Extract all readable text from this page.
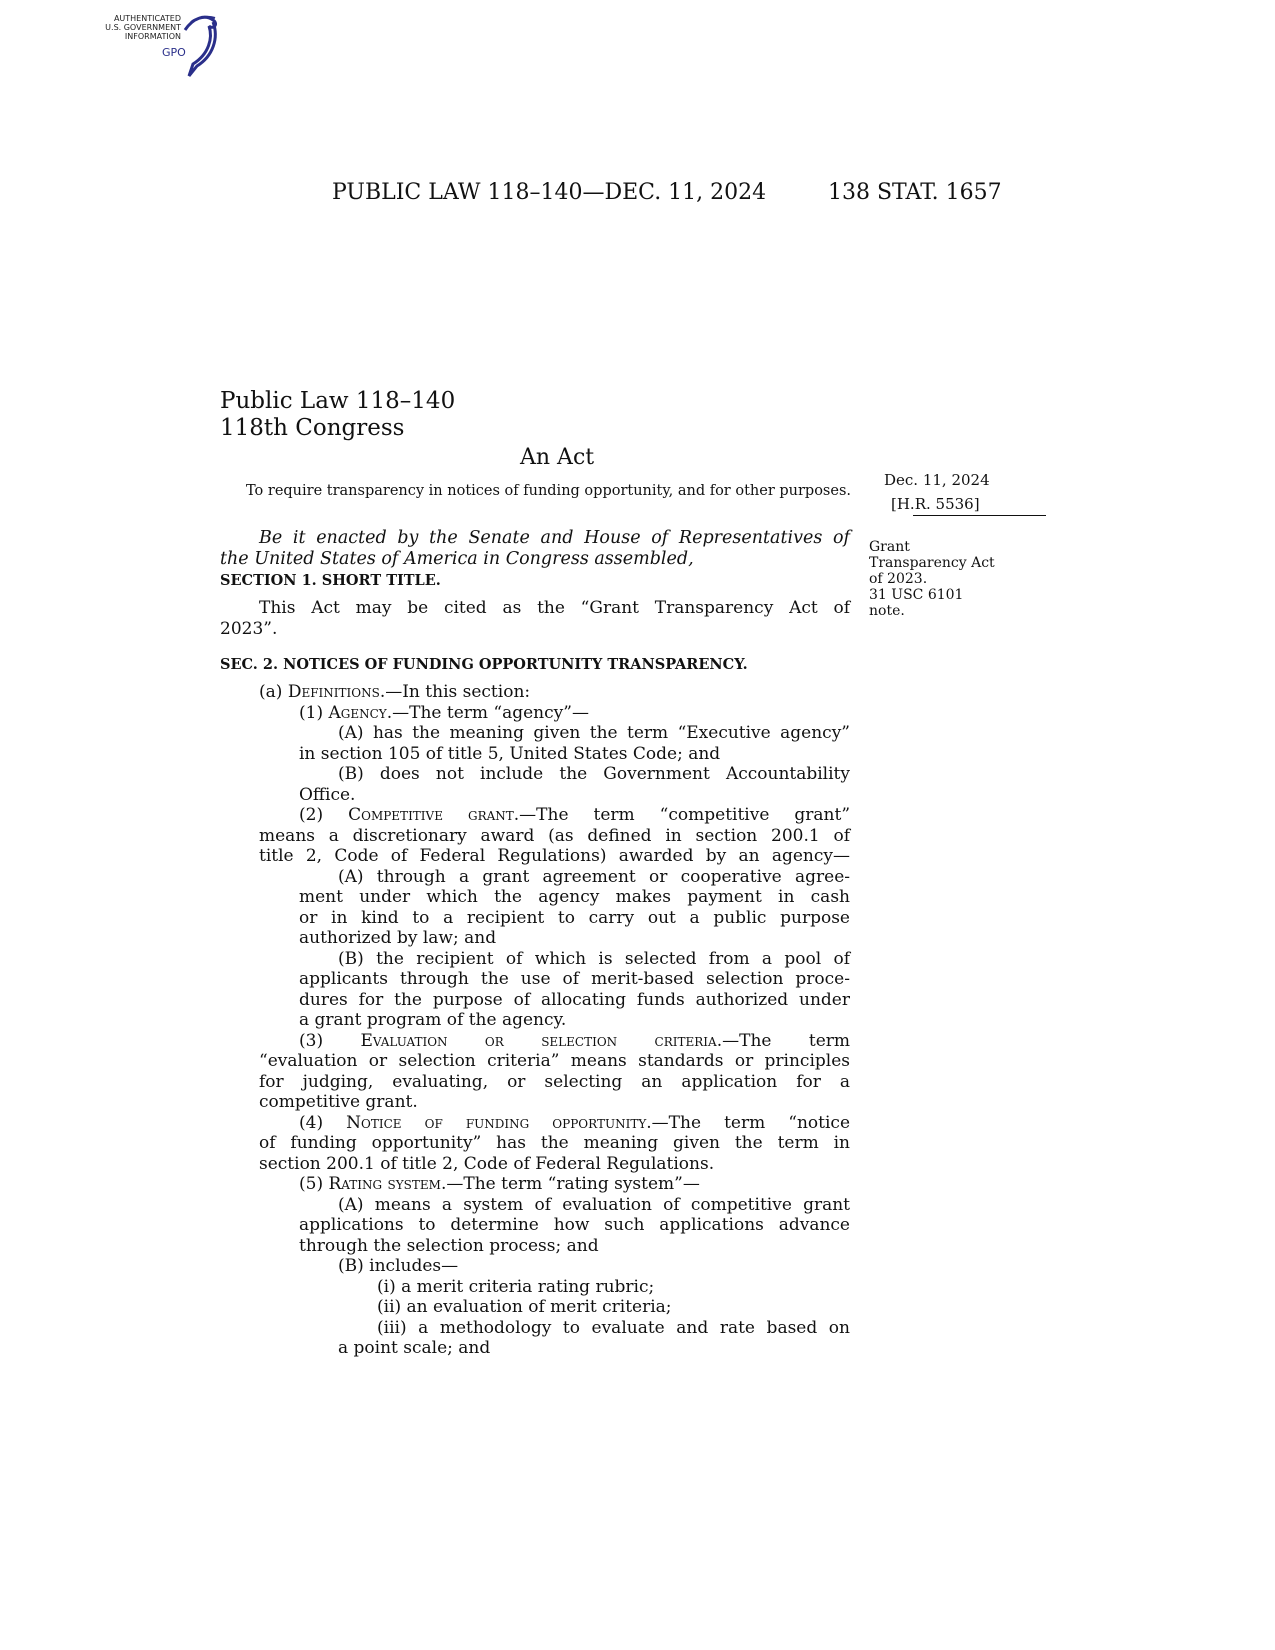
AUTHENTICATED
U.S. GOVERNMENT
INFORMATION
GPO
PUBLIC LAW 118–140—DEC. 11, 2024	138 STAT. 1657
Public Law 118–140
118th Congress
An Act
To require transparency in notices of funding opportunity, and for other purposes.
Dec. 11, 2024
[H.R. 5536]
Grant
Transparency Act
of 2023.
31 USC 6101
note.
Be it enacted by the Senate and House of Representatives of
the United States of America in Congress assembled,
SECTION 1. SHORT TITLE.
This Act may be cited as the “Grant Transparency Act of
2023”.
SEC. 2. NOTICES OF FUNDING OPPORTUNITY TRANSPARENCY.
(a) Definitions.—In this section:
(1) Agency.—The term “agency”—
(A) has the meaning given the term “Executive agency”
in section 105 of title 5, United States Code; and
(B) does not include the Government Accountability
Office.
(2) Competitive grant.—The term “competitive grant”
means a discretionary award (as defined in section 200.1 of
title 2, Code of Federal Regulations) awarded by an agency—
(A) through a grant agreement or cooperative agree-
ment under which the agency makes payment in cash
or in kind to a recipient to carry out a public purpose
authorized by law; and
(B) the recipient of which is selected from a pool of
applicants through the use of merit-based selection proce-
dures for the purpose of allocating funds authorized under
a grant program of the agency.
(3) Evaluation or selection criteria.—The term
“evaluation or selection criteria” means standards or principles
for judging, evaluating, or selecting an application for a
competitive grant.
(4) Notice of funding opportunity.—The term “notice
of funding opportunity” has the meaning given the term in
section 200.1 of title 2, Code of Federal Regulations.
(5) Rating system.—The term “rating system”—
(A) means a system of evaluation of competitive grant
applications to determine how such applications advance
through the selection process; and
(B) includes—
(i) a merit criteria rating rubric;
(ii) an evaluation of merit criteria;
(iii) a methodology to evaluate and rate based on
a point scale; and
